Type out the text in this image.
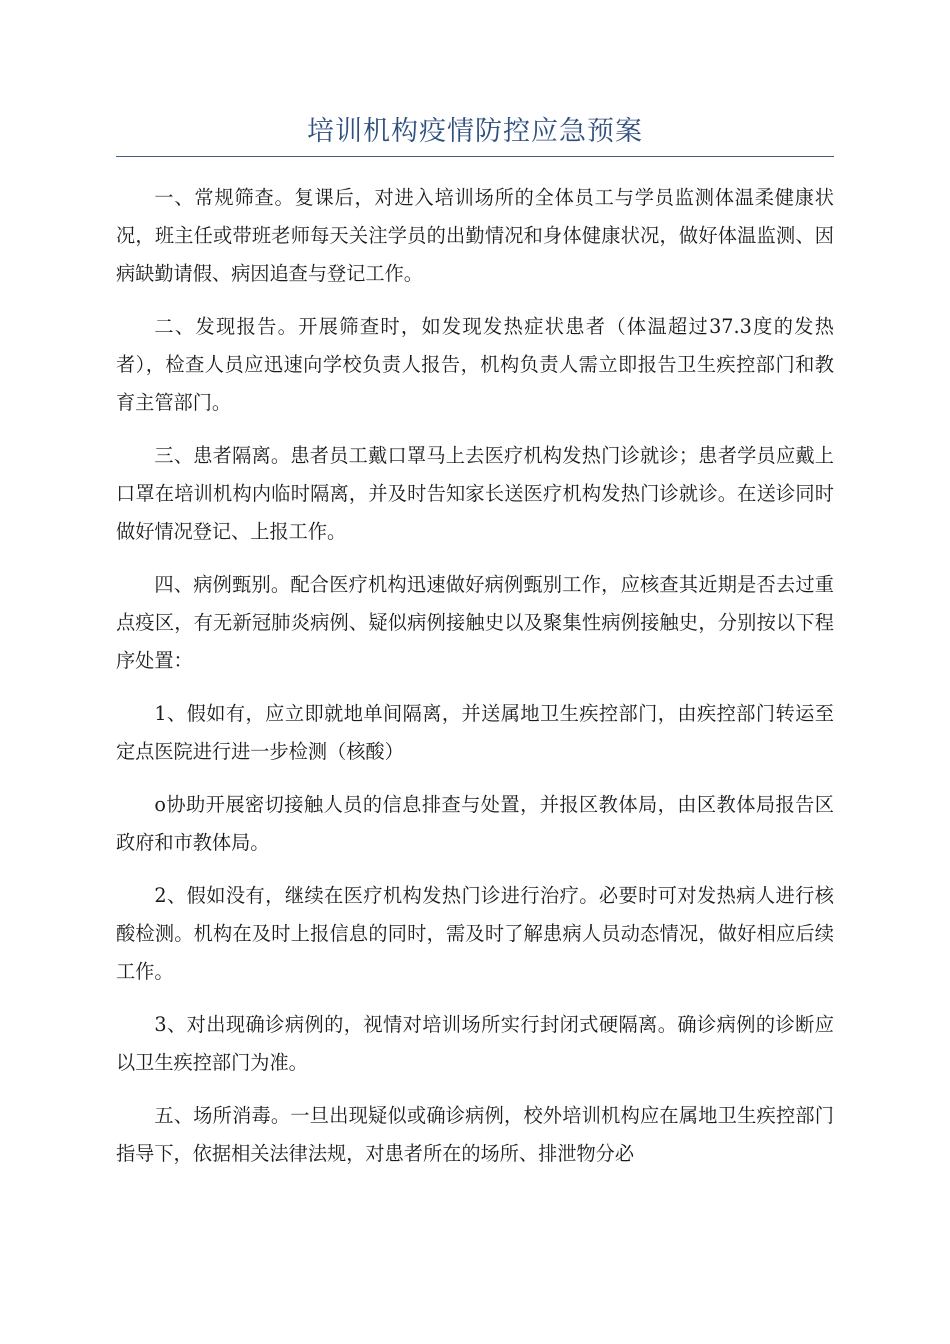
培训机构疫情防控应急预案

一、常规筛查。复课后，对进入培训场所的全体员工与学员监测体温柔健康状况，班主任或带班老师每天关注学员的出勤情况和身体健康状况，做好体温监测、因病缺勤请假、病因追查与登记工作。

二、发现报告。开展筛查时，如发现发热症状患者（体温超过37.3度的发热者），检查人员应迅速向学校负责人报告，机构负责人需立即报告卫生疾控部门和教育主管部门。

三、患者隔离。患者员工戴口罩马上去医疗机构发热门诊就诊；患者学员应戴上口罩在培训机构内临时隔离，并及时告知家长送医疗机构发热门诊就诊。在送诊同时做好情况登记、上报工作。

四、病例甄别。配合医疗机构迅速做好病例甄别工作，应核查其近期是否去过重点疫区，有无新冠肺炎病例、疑似病例接触史以及聚集性病例接触史，分别按以下程序处置：

1、假如有，应立即就地单间隔离，并送属地卫生疾控部门，由疾控部门转运至定点医院进行进一步检测（核酸）

o协助开展密切接触人员的信息排查与处置，并报区教体局，由区教体局报告区政府和市教体局。

2、假如没有，继续在医疗机构发热门诊进行治疗。必要时可对发热病人进行核酸检测。机构在及时上报信息的同时，需及时了解患病人员动态情况，做好相应后续工作。

3、对出现确诊病例的，视情对培训场所实行封闭式硬隔离。确诊病例的诊断应以卫生疾控部门为准。

五、场所消毒。一旦出现疑似或确诊病例，校外培训机构应在属地卫生疾控部门指导下，依据相关法律法规，对患者所在的场所、排泄物分必
